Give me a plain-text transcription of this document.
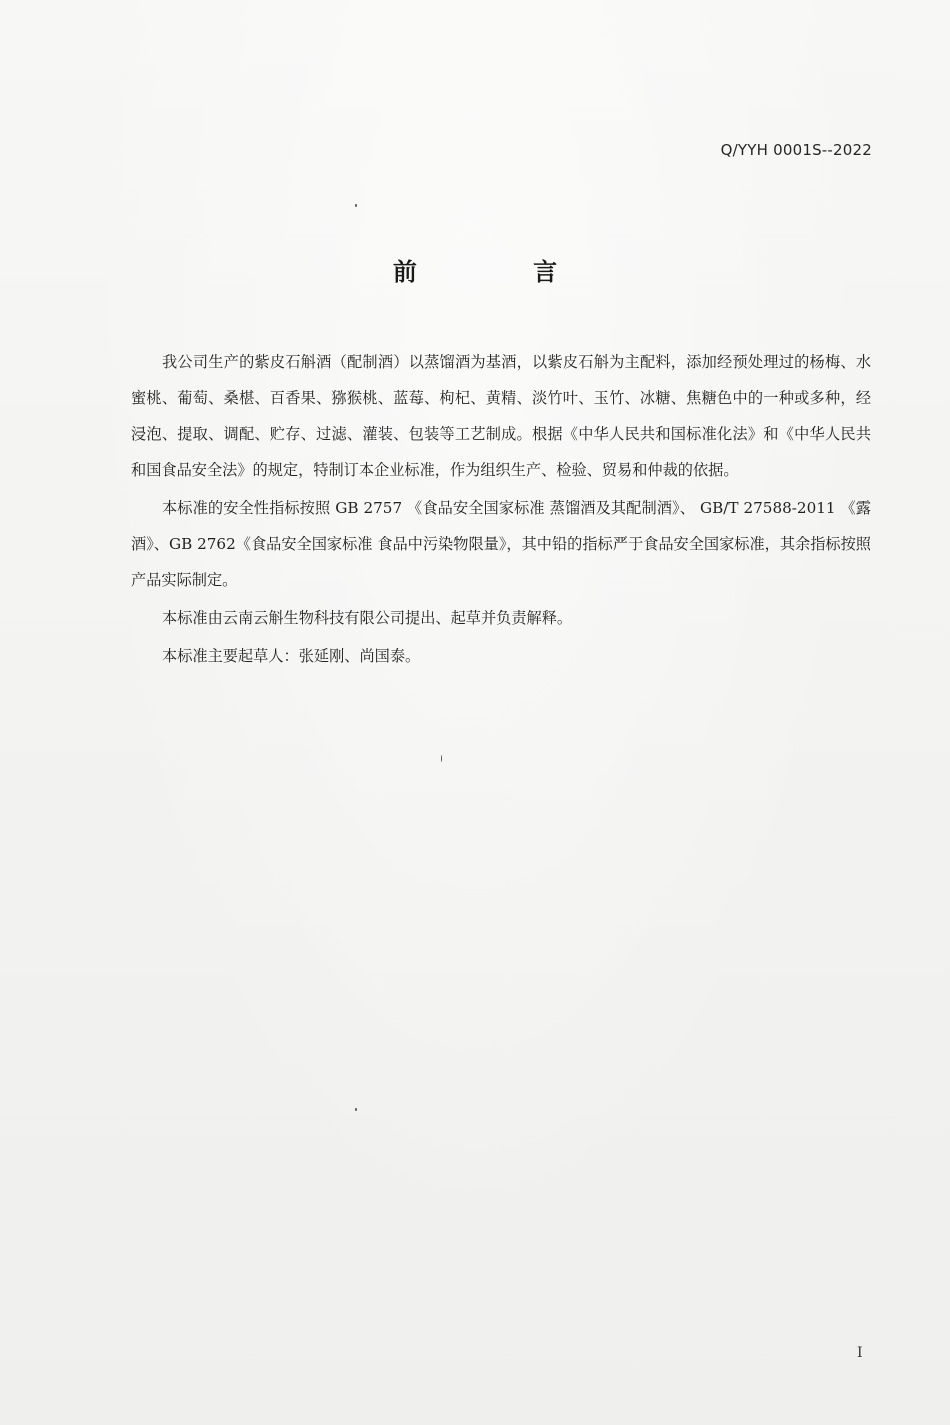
Q/YYH 0001S--2022
前 言

我公司生产的紫皮石斛酒（配制酒）以蒸馏酒为基酒，以紫皮石斛为主配料，添加经预处理过的杨梅、水蜜桃、葡萄、桑椹、百香果、猕猴桃、蓝莓、枸杞、黄精、淡竹叶、玉竹、冰糖、焦糖色中的一种或多种，经浸泡、提取、调配、贮存、过滤、灌装、包装等工艺制成。根据《中华人民共和国标准化法》和《中华人民共和国食品安全法》的规定，特制订本企业标准，作为组织生产、检验、贸易和仲裁的依据。

本标准的安全性指标按照 GB 2757 《食品安全国家标准 蒸馏酒及其配制酒》、 GB/T 27588-2011 《露酒》、GB 2762《食品安全国家标准 食品中污染物限量》，其中铅的指标严于食品安全国家标准，其余指标按照产品实际制定。

本标准由云南云斛生物科技有限公司提出、起草并负责解释。

本标准主要起草人：张延刚、尚国泰。

I
